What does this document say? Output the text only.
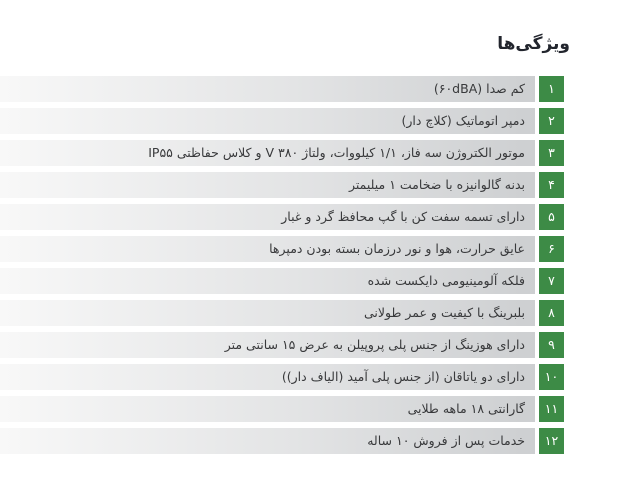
ویژگی‌ها
۱
کم صدا (۶۰dBA)
۲
دمپر اتوماتیک (کلاچ دار)
۳
موتور الکتروژن سه فاز، ۱/۱ کیلووات، ولتاژ ۳۸۰ V و کلاس حفاظتی IP۵۵
۴
بدنه گالوانیزه با ضخامت ۱ میلیمتر
۵
دارای تسمه سفت کن با گپ محافظ گرد و غبار
۶
عایق حرارت، هوا و نور درزمان بسته بودن دمپرها
۷
فلکه آلومینیومی دایکست شده
۸
بلبرینگ با کیفیت و عمر طولانی
۹
دارای هوزینگ از جنس پلی پروپیلن به عرض ۱۵ سانتی متر
۱۰
دارای دو یاتاقان (از جنس پلی آمید (الیاف دار))
۱۱
گارانتی ۱۸ ماهه طلایی
۱۲
خدمات پس از فروش ۱۰ ساله
